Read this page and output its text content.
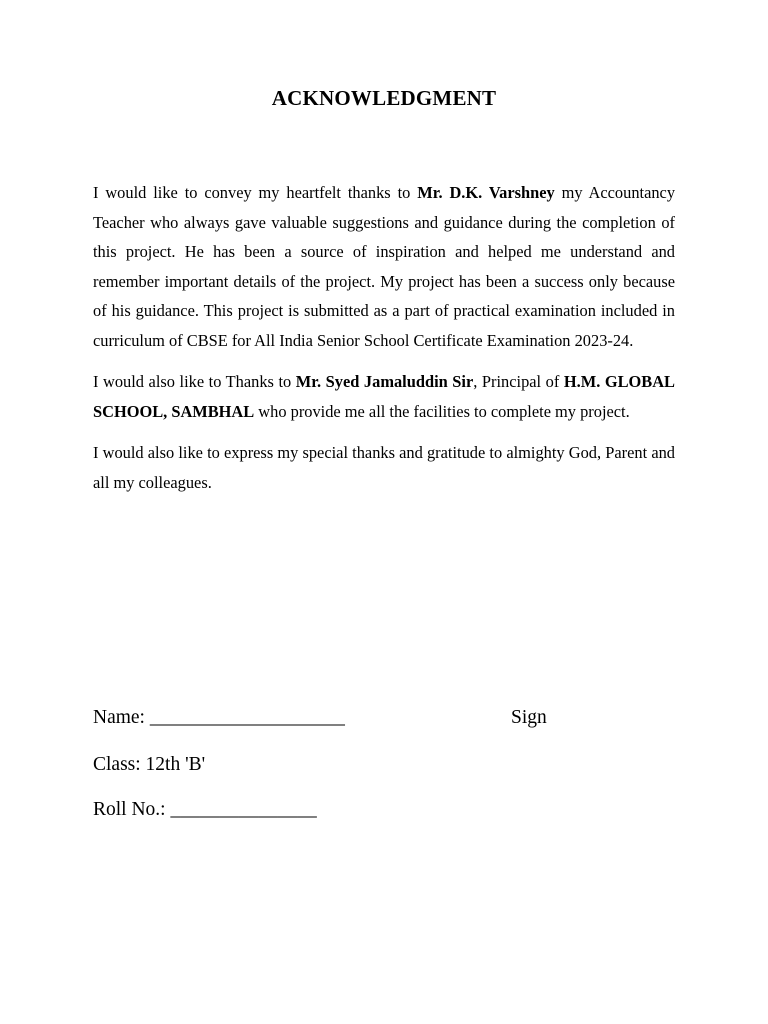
ACKNOWLEDGMENT

I would like to convey my heartfelt thanks to Mr. D.K. Varshney my Accountancy Teacher who always gave valuable suggestions and guidance during the completion of this project. He has been a source of inspiration and helped me understand and remember important details of the project. My project has been a success only because of his guidance. This project is submitted as a part of practical examination included in curriculum of CBSE for All India Senior School Certificate Examination 2023-24.

I would also like to Thanks to Mr. Syed Jamaluddin Sir, Principal of H.M. GLOBAL SCHOOL, SAMBHAL who provide me all the facilities to complete my project.

I would also like to express my special thanks and gratitude to almighty God, Parent and all my colleagues.

Name: ____________________	Sign
Class: 12th 'B'
Roll No.: _______________
